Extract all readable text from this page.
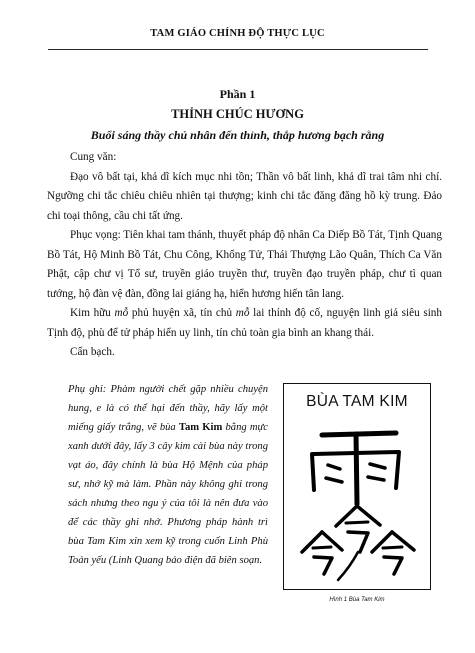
TAM GIÁO CHÍNH ĐỘ THỰC LỤC
Phần 1
THỈNH CHÚC HƯƠNG
Buổi sáng thầy chủ nhân đến thỉnh, thắp hương bạch rằng

Cung văn:

Đạo vô bất tại, khả dĩ kích mục nhi tồn; Thần vô bất linh, khả dĩ trai tâm nhi chí. Ngưỡng chi tắc chiêu chiêu nhiên tại thượng; kinh chi tắc đăng đăng hồ kỳ trung. Đảo chi toại thông, cầu chi tất ứng.

Phục vọng: Tiên khai tam thánh, thuyết pháp độ nhân Ca Diếp Bồ Tát, Tịnh Quang Bồ Tát, Hộ Minh Bồ Tát, Chu Công, Khổng Tử, Thái Thượng Lão Quân, Thích Ca Văn Phật, cập chư vị Tổ sư, truyền giáo truyền thư, truyền đạo truyền pháp, chư tì quan tướng, hộ đàn vệ đàn, đồng lai giáng hạ, hiển hương hiến tân lang.

Kim hữu mỗ phủ huyện xã, tín chủ mỗ lai thỉnh độ cố, nguyện linh giả siêu sinh Tịnh độ, phù để tử pháp hiển uy linh, tín chủ toàn gia bình an khang thái.

Cẩn bạch.

Phụ ghi: Phàm người chết gặp nhiều chuyện hung, e là có thể hại đến thầy, hãy lấy một miếng giấy trắng, vẽ bùa Tam Kim bằng mực xanh dưới đây, lấy 3 cây kim cài bùa này trong vạt áo, đây chính là bùa Hộ Mệnh của pháp sư, nhớ kỹ mà làm. Phần này không ghi trong sách nhưng theo ngu ý của tôi là nên đưa vào để các thầy ghi nhớ. Phương pháp hành trì bùa Tam Kim xin xem kỹ trong cuốn Linh Phù Toản yếu (Linh Quang bảo điện đã biên soạn.
BÙA TAM KIM
Hình 1 Bùa Tam Kim
